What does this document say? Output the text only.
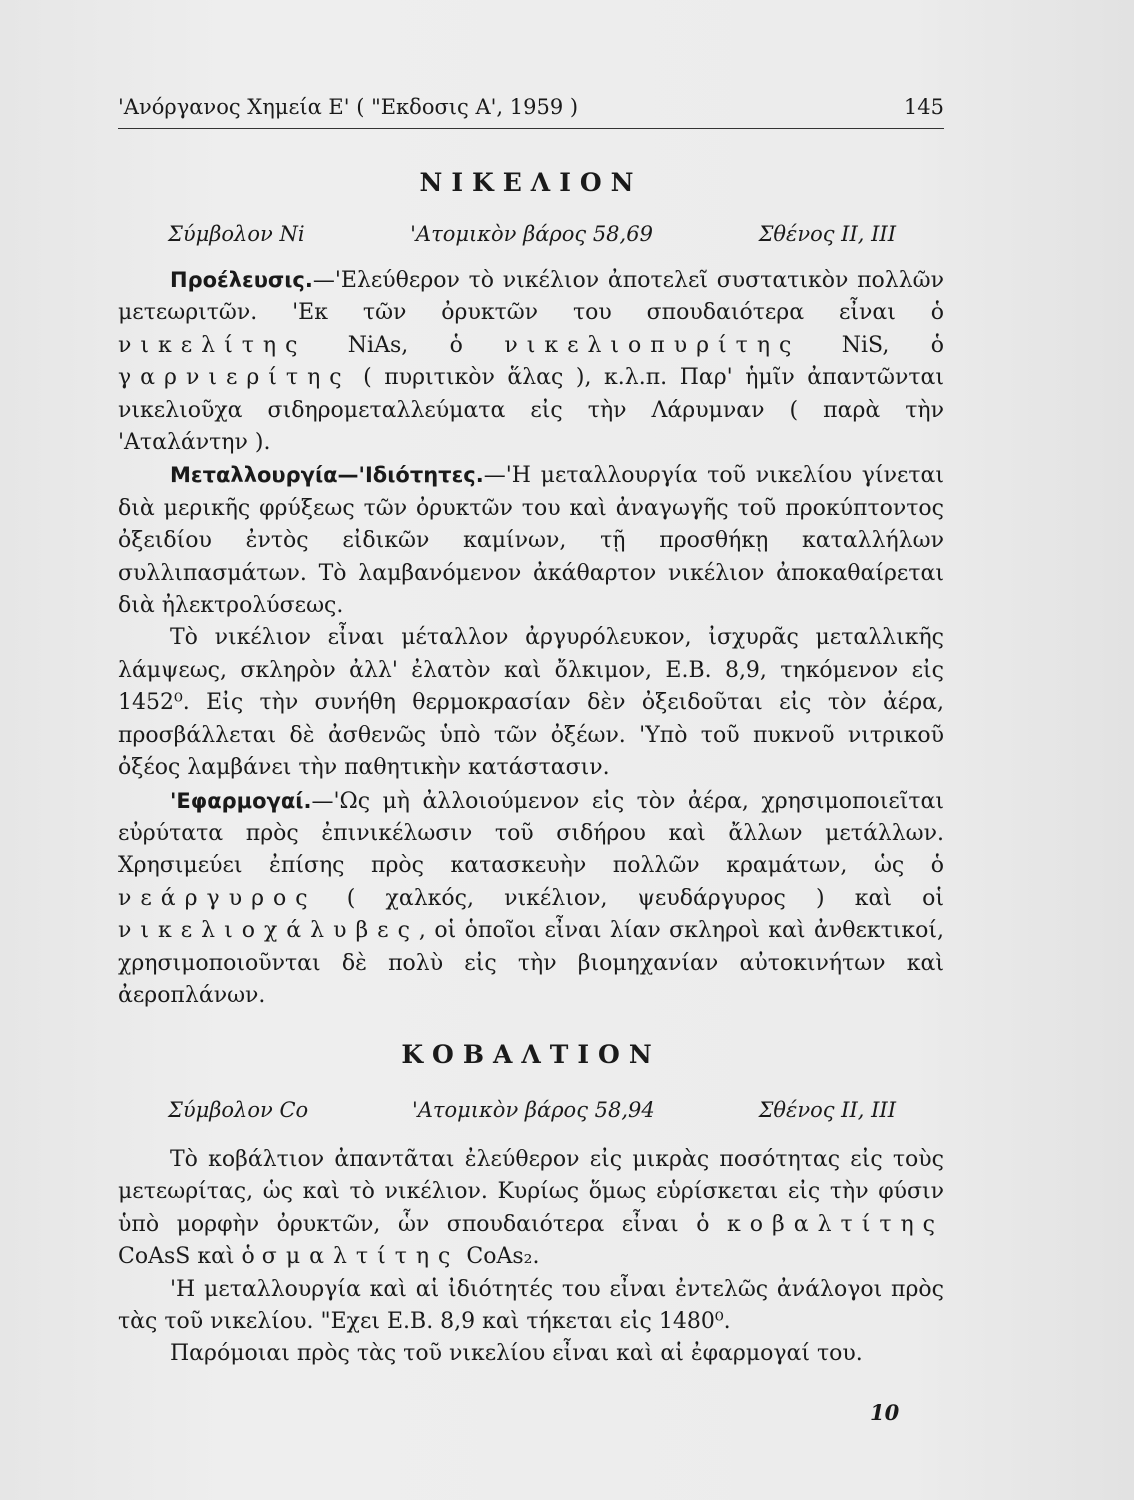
'Ανόργανος Χημεία Ε' ( "Εκδοσις Α', 1959 )	145
ΝΙΚΕΛΙΟΝ
Σύμβολον Ni	'Ατομικὸν βάρος 58,69	Σθένος II, III

Προέλευσις.—'Ελεύθερον τὸ νικέλιον ἀποτελεῖ συστατικὸν πολλῶν μετεωριτῶν. 'Εκ τῶν ὀρυκτῶν του σπουδαιότερα εἶναι ὁ νικελίτης NiAs, ὁ νικελιοπυρίτης NiS, ὁ γαρνιερίτης ( πυριτικὸν ἅλας ), κ.λ.π. Παρ' ἡμῖν ἀπαντῶνται νικελιοῦχα σιδηρομεταλλεύματα εἰς τὴν Λάρυμναν ( παρὰ τὴν 'Αταλάντην ).

Μεταλλουργία—'Ιδιότητες.—'Η μεταλλουργία τοῦ νικελίου γίνεται διὰ μερικῆς φρύξεως τῶν ὀρυκτῶν του καὶ ἀναγωγῆς τοῦ προκύπτοντος ὀξειδίου ἐντὸς εἰδικῶν καμίνων, τῇ προσθήκῃ καταλλήλων συλλιπασμάτων. Τὸ λαμβανόμενον ἀκάθαρτον νικέλιον ἀποκαθαίρεται διὰ ἠλεκτρολύσεως.

Τὸ νικέλιον εἶναι μέταλλον ἀργυρόλευκον, ἰσχυρᾶς μεταλλικῆς λάμψεως, σκληρὸν ἀλλ' ἐλατὸν καὶ ὄλκιμον, Ε.Β. 8,9, τηκόμενον εἰς 1452⁰. Εἰς τὴν συνήθη θερμοκρασίαν δὲν ὀξειδοῦται εἰς τὸν ἀέρα, προσβάλλεται δὲ ἀσθενῶς ὑπὸ τῶν ὀξέων. 'Υπὸ τοῦ πυκνοῦ νιτρικοῦ ὀξέος λαμβάνει τὴν παθητικὴν κατάστασιν.

'Εφαρμογαί.—'Ως μὴ ἀλλοιούμενον εἰς τὸν ἀέρα, χρησιμοποιεῖται εὐρύτατα πρὸς ἐπινικέλωσιν τοῦ σιδήρου καὶ ἄλλων μετάλλων. Χρησιμεύει ἐπίσης πρὸς κατασκευὴν πολλῶν κραμάτων, ὡς ὁ νεάργυρος ( χαλκός, νικέλιον, ψευδάργυρος ) καὶ οἱ νικελιοχάλυβες, οἱ ὁποῖοι εἶναι λίαν σκληροὶ καὶ ἀνθεκτικοί, χρησιμοποιοῦνται δὲ πολὺ εἰς τὴν βιομηχανίαν αὐτοκινήτων καὶ ἀεροπλάνων.

ΚΟΒΑΛΤΙΟΝ
Σύμβολον Co	'Ατομικὸν βάρος 58,94	Σθένος II, III

Τὸ κοβάλτιον ἀπαντᾶται ἐλεύθερον εἰς μικρὰς ποσότητας εἰς τοὺς μετεωρίτας, ὡς καὶ τὸ νικέλιον. Κυρίως ὅμως εὑρίσκεται εἰς τὴν φύσιν ὑπὸ μορφὴν ὀρυκτῶν, ὧν σπουδαιότερα εἶναι ὁ κοβαλτίτης CoAsS καὶ ὁ σμαλτίτης CoAs₂.

'Η μεταλλουργία καὶ αἱ ἰδιότητές του εἶναι ἐντελῶς ἀνάλογοι πρὸς τὰς τοῦ νικελίου. "Εχει Ε.Β. 8,9 καὶ τήκεται εἰς 1480⁰.

Παρόμοιαι πρὸς τὰς τοῦ νικελίου εἶναι καὶ αἱ ἐφαρμογαί του.

10
